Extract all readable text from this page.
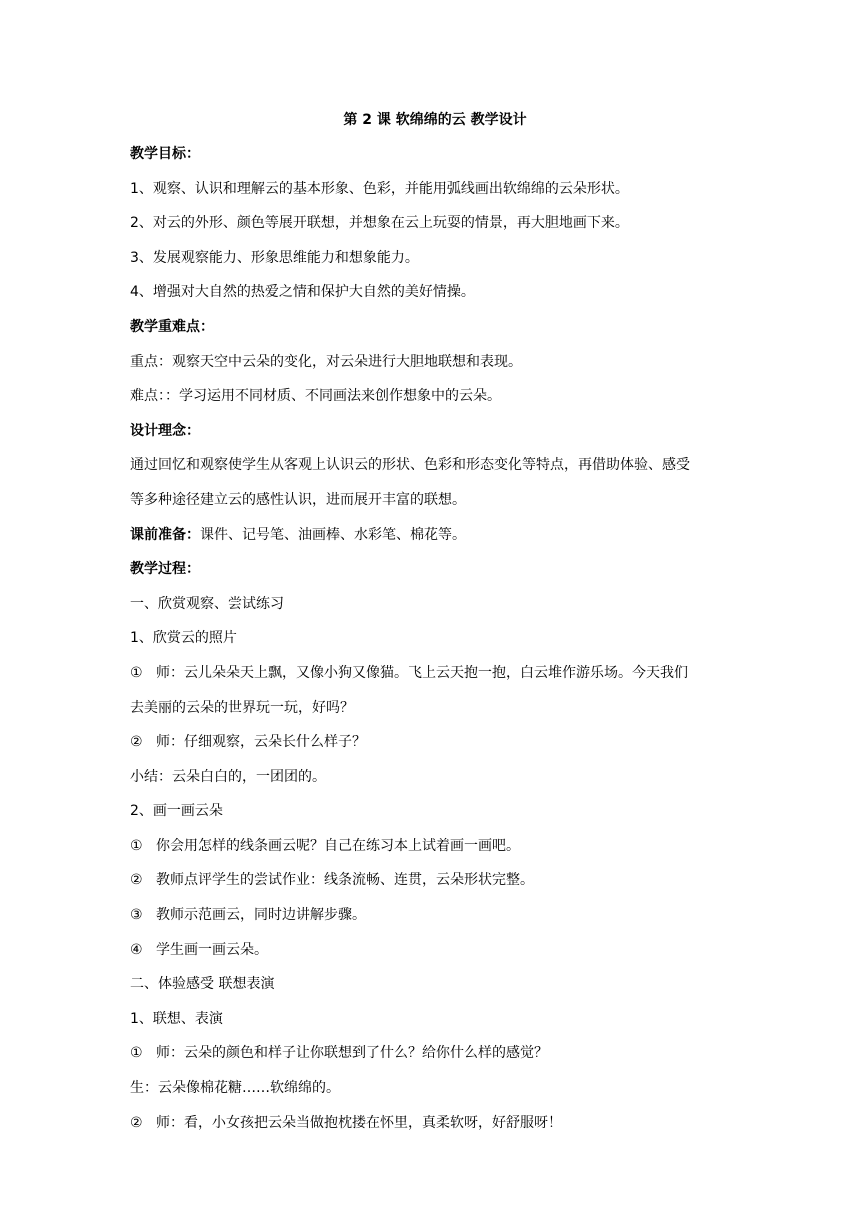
第 2 课 软绵绵的云 教学设计
教学目标：
1、观察、认识和理解云的基本形象、色彩，并能用弧线画出软绵绵的云朵形状。
2、对云的外形、颜色等展开联想，并想象在云上玩耍的情景，再大胆地画下来。
3、发展观察能力、形象思维能力和想象能力。
4、增强对大自然的热爱之情和保护大自然的美好情操。
教学重难点：
重点：观察天空中云朵的变化，对云朵进行大胆地联想和表现。
难点：：学习运用不同材质、不同画法来创作想象中的云朵。
设计理念：
通过回忆和观察使学生从客观上认识云的形状、色彩和形态变化等特点，再借助体验、感受
等多种途径建立云的感性认识，进而展开丰富的联想。
课前准备：课件、记号笔、油画棒、水彩笔、棉花等。
教学过程：
一、欣赏观察、尝试练习
1、欣赏云的照片
① 师：云儿朵朵天上飘，又像小狗又像猫。飞上云天抱一抱，白云堆作游乐场。今天我们
去美丽的云朵的世界玩一玩，好吗？
② 师：仔细观察，云朵长什么样子？
小结：云朵白白的，一团团的。
2、画一画云朵
① 你会用怎样的线条画云呢？自己在练习本上试着画一画吧。
② 教师点评学生的尝试作业：线条流畅、连贯，云朵形状完整。
③ 教师示范画云，同时边讲解步骤。
④ 学生画一画云朵。
二、体验感受 联想表演
1、联想、表演
① 师：云朵的颜色和样子让你联想到了什么？给你什么样的感觉？
生：云朵像棉花糖……软绵绵的。
② 师：看，小女孩把云朵当做抱枕搂在怀里，真柔软呀，好舒服呀！
